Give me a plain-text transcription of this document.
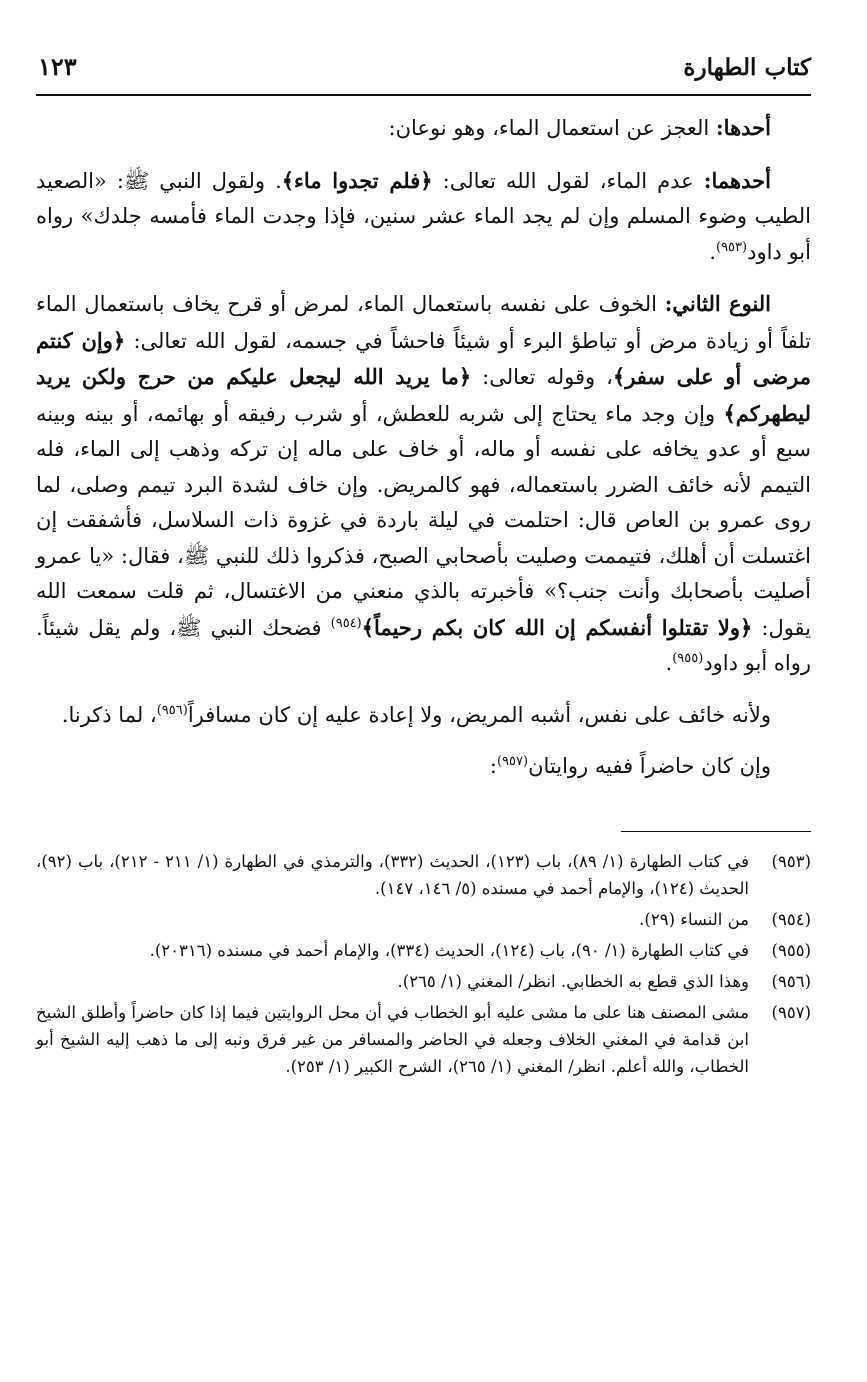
كتاب الطهارة
١٢٣

أحدها: العجز عن استعمال الماء، وهو نوعان:

أحدهما: عدم الماء، لقول الله تعالى: ﴿فلم تجدوا ماء﴾. ولقول النبي ﷺ: «الصعيد الطيب وضوء المسلم وإن لم يجد الماء عشر سنين، فإذا وجدت الماء فأمسه جلدك» رواه أبو داود$^{(٩٥٣)}$.

النوع الثاني: الخوف على نفسه باستعمال الماء، لمرض أو قرح يخاف باستعمال الماء تلفاً أو زيادة مرض أو تباطؤ البرء أو شيئاً فاحشاً في جسمه، لقول الله تعالى: ﴿وإن كنتم مرضى أو على سفر﴾، وقوله تعالى: ﴿ما يريد الله ليجعل عليكم من حرج ولكن يريد ليطهركم﴾ وإن وجد ماء يحتاج إلى شربه للعطش، أو شرب رفيقه أو بهائمه، أو بينه وبينه سبع أو عدو يخافه على نفسه أو ماله، أو خاف على ماله إن تركه وذهب إلى الماء، فله التيمم لأنه خائف الضرر باستعماله، فهو كالمريض. وإن خاف لشدة البرد تيمم وصلى، لما روى عمرو بن العاص قال: احتلمت في ليلة باردة في غزوة ذات السلاسل، فأشفقت إن اغتسلت أن أهلك، فتيممت وصليت بأصحابي الصبح، فذكروا ذلك للنبي ﷺ، فقال: «يا عمرو أصليت بأصحابك وأنت جنب؟» فأخبرته بالذي منعني من الاغتسال، ثم قلت سمعت الله يقول: ﴿ولا تقتلوا أنفسكم إن الله كان بكم رحيماً﴾$^{(٩٥٤)}$ فضحك النبي ﷺ، ولم يقل شيئاً. رواه أبو داود$^{(٩٥٥)}$.

ولأنه خائف على نفس، أشبه المريض، ولا إعادة عليه إن كان مسافراً$^{(٩٥٦)}$، لما ذكرنا.

وإن كان حاضراً ففيه روايتان$^{(٩٥٧)}$:

(٩٥٣)
في كتاب الطهارة (١/ ٨٩)، باب (١٢٣)، الحديث (٣٣٢)، والترمذي في الطهارة (١/ ٢١١ - ٢١٢)، باب (٩٢)، الحديث (١٢٤)، والإمام أحمد في مسنده (٥/ ١٤٦، ١٤٧).
(٩٥٤)
من النساء (٢٩).
(٩٥٥)
في كتاب الطهارة (١/ ٩٠)، باب (١٢٤)، الحديث (٣٣٤)، والإمام أحمد في مسنده (٢٠٣١٦).
(٩٥٦)
وهذا الذي قطع به الخطابي. انظر/ المغني (١/ ٢٦٥).
(٩٥٧)
مشى المصنف هنا على ما مشى عليه أبو الخطاب في أن محل الروايتين فيما إذا كان حاضراً وأطلق الشيخ ابن قدامة في المغني الخلاف وجعله في الحاضر والمسافر من غير فرق ونبه إلى ما ذهب إليه الشيخ أبو الخطاب، والله أعلم. انظر/ المغني (١/ ٢٦٥)، الشرح الكبير (١/ ٢٥٣).
